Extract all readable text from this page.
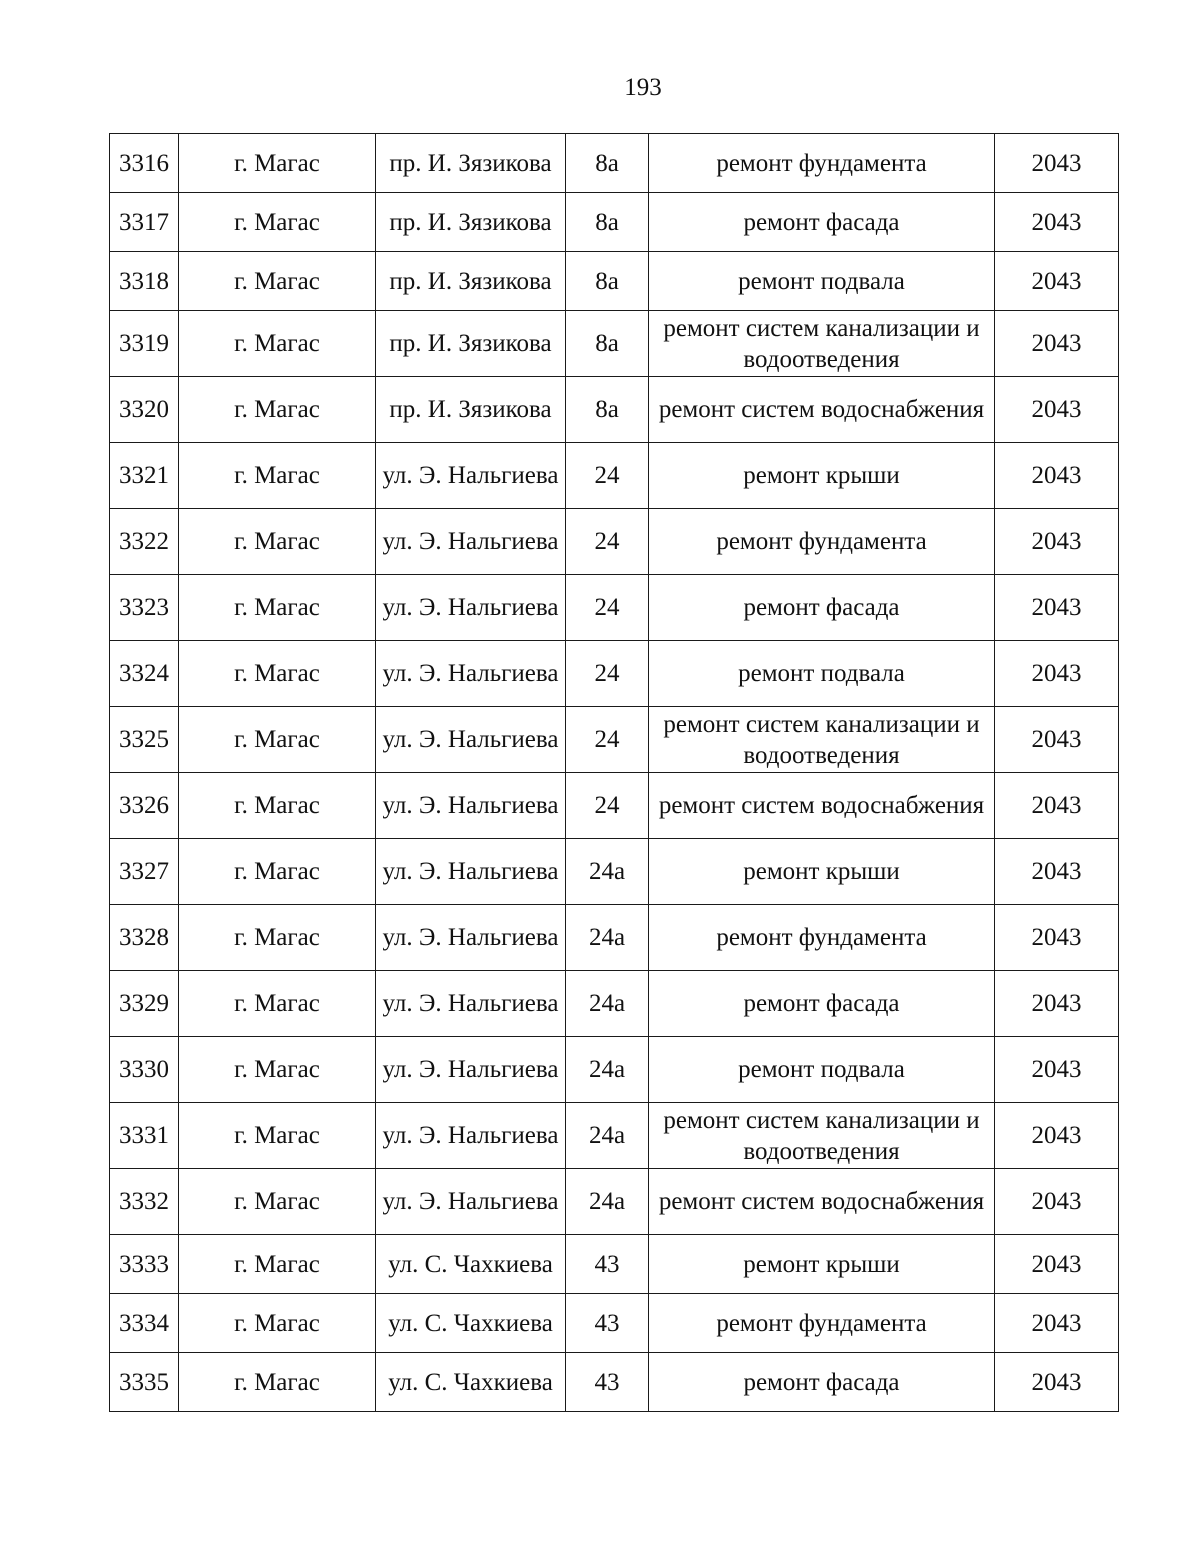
193
3316	г. Магас	пр. И. Зязикова	8а	ремонт фундамента	2043
3317	г. Магас	пр. И. Зязикова	8а	ремонт фасада	2043
3318	г. Магас	пр. И. Зязикова	8а	ремонт подвала	2043
3319	г. Магас	пр. И. Зязикова	8а	ремонт систем канализации и водоотведения	2043
3320	г. Магас	пр. И. Зязикова	8а	ремонт систем водоснабжения	2043
3321	г. Магас	ул. Э. Нальгиева	24	ремонт крыши	2043
3322	г. Магас	ул. Э. Нальгиева	24	ремонт фундамента	2043
3323	г. Магас	ул. Э. Нальгиева	24	ремонт фасада	2043
3324	г. Магас	ул. Э. Нальгиева	24	ремонт подвала	2043
3325	г. Магас	ул. Э. Нальгиева	24	ремонт систем канализации и водоотведения	2043
3326	г. Магас	ул. Э. Нальгиева	24	ремонт систем водоснабжения	2043
3327	г. Магас	ул. Э. Нальгиева	24а	ремонт крыши	2043
3328	г. Магас	ул. Э. Нальгиева	24а	ремонт фундамента	2043
3329	г. Магас	ул. Э. Нальгиева	24а	ремонт фасада	2043
3330	г. Магас	ул. Э. Нальгиева	24а	ремонт подвала	2043
3331	г. Магас	ул. Э. Нальгиева	24а	ремонт систем канализации и водоотведения	2043
3332	г. Магас	ул. Э. Нальгиева	24а	ремонт систем водоснабжения	2043
3333	г. Магас	ул. С. Чахкиева	43	ремонт крыши	2043
3334	г. Магас	ул. С. Чахкиева	43	ремонт фундамента	2043
3335	г. Магас	ул. С. Чахкиева	43	ремонт фасада	2043
